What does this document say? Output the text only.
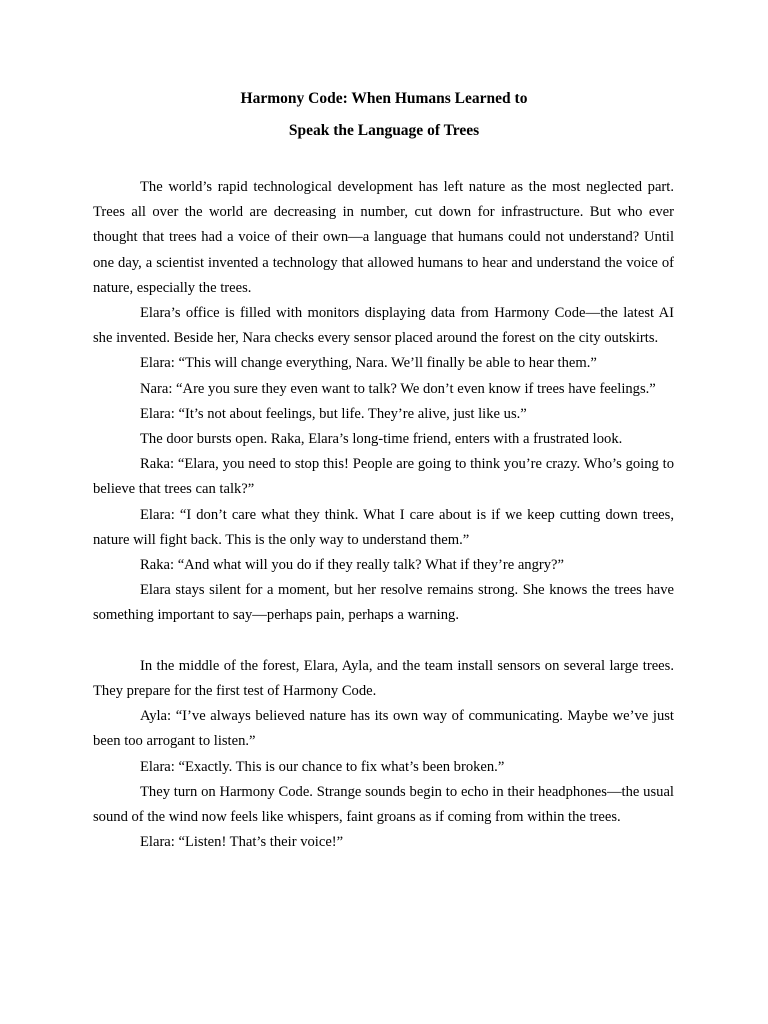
Harmony Code: When Humans Learned to
Speak the Language of Trees

The world’s rapid technological development has left nature as the most neglected part. Trees all over the world are decreasing in number, cut down for infrastructure. But who ever thought that trees had a voice of their own—a language that humans could not understand? Until one day, a scientist invented a technology that allowed humans to hear and understand the voice of nature, especially the trees.

Elara’s office is filled with monitors displaying data from Harmony Code—the latest AI she invented. Beside her, Nara checks every sensor placed around the forest on the city outskirts.

Elara: “This will change everything, Nara. We’ll finally be able to hear them.”

Nara: “Are you sure they even want to talk? We don’t even know if trees have feelings.”

Elara: “It’s not about feelings, but life. They’re alive, just like us.”

The door bursts open. Raka, Elara’s long-time friend, enters with a frustrated look.

Raka: “Elara, you need to stop this! People are going to think you’re crazy. Who’s going to believe that trees can talk?”

Elara: “I don’t care what they think. What I care about is if we keep cutting down trees, nature will fight back. This is the only way to understand them.”

Raka: “And what will you do if they really talk? What if they’re angry?”

Elara stays silent for a moment, but her resolve remains strong. She knows the trees have something important to say—perhaps pain, perhaps a warning.

In the middle of the forest, Elara, Ayla, and the team install sensors on several large trees. They prepare for the first test of Harmony Code.

Ayla: “I’ve always believed nature has its own way of communicating. Maybe we’ve just been too arrogant to listen.”

Elara: “Exactly. This is our chance to fix what’s been broken.”

They turn on Harmony Code. Strange sounds begin to echo in their headphones—the usual sound of the wind now feels like whispers, faint groans as if coming from within the trees.

Elara: “Listen! That’s their voice!”
